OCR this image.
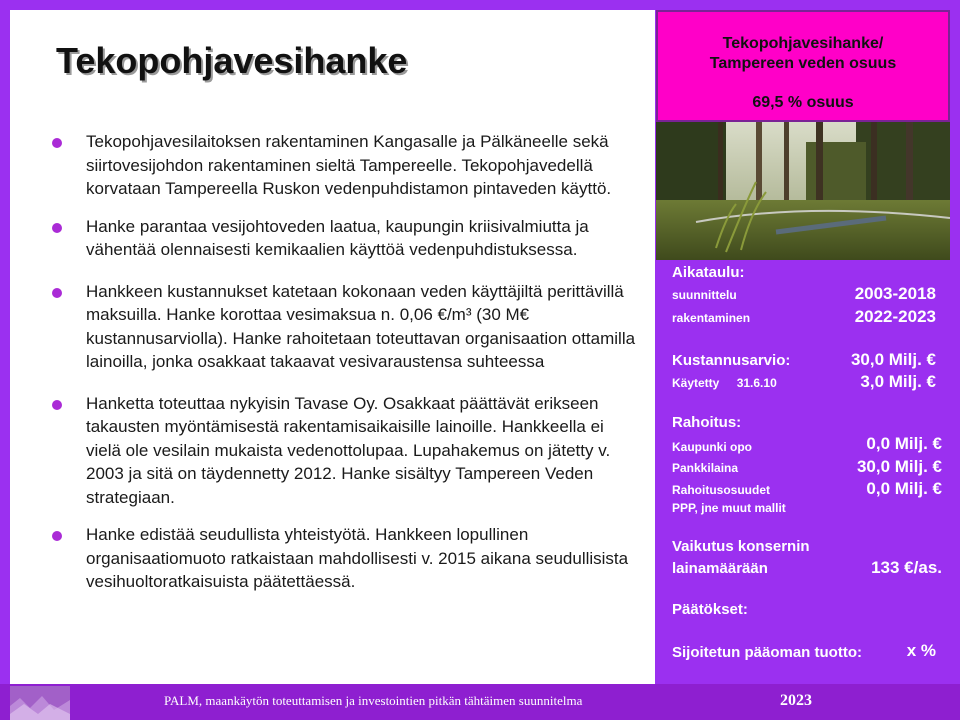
Tekopohjavesihanke
Tekopohjavesilaitoksen rakentaminen Kangasalle ja Pälkäneelle sekä siirtovesijohdon rakentaminen sieltä Tampereelle. Tekopohjavedellä korvataan Tampereella Ruskon vedenpuhdistamon pintaveden käyttö.
Hanke parantaa vesijohtoveden laatua, kaupungin kriisivalmiutta ja vähentää olennaisesti kemikaalien käyttöä vedenpuhdistuksessa.
Hankkeen kustannukset katetaan kokonaan veden käyttäjiltä perittävillä maksuilla. Hanke korottaa vesimaksua n. 0,06 €/m³ (30 M€ kustannusarviolla). Hanke rahoitetaan toteuttavan organisaation ottamilla lainoilla, jonka osakkaat takaavat vesivaraustensa suhteessa
Hanketta toteuttaa nykyisin Tavase Oy. Osakkaat päättävät erikseen takausten myöntämisestä rakentamisaikaisille lainoille. Hankkeella ei vielä ole vesilain mukaista vedenottolupaa. Lupahakemus on jätetty v. 2003 ja sitä on täydennetty 2012. Hanke sisältyy Tampereen Veden strategiaan.
Hanke edistää seudullista yhteistyötä. Hankkeen lopullinen organisaatiomuoto ratkaistaan mahdollisesti v. 2015 aikana seudullisista vesihuoltoratkaisuista päätettäessä.
Tekopohjavesihanke/
Tampereen veden osuus
69,5 % osuus
Aikataulu:
suunnittelu	2003-2018
rakentaminen	2022-2023
Kustannusarvio:	30,0 Milj. €
Käytetty 31.6.10	3,0 Milj. €
Rahoitus:
Kaupunki opo	0,0 Milj. €
Pankkilaina	30,0 Milj. €
Rahoitusosuudet	0,0 Milj. €
PPP, jne muut mallit
Vaikutus konsernin
lainamäärään	133 €/as.
Päätökset:
Sijoitetun pääoman tuotto:	x %
PALM, maankäytön toteuttamisen ja investointien pitkän tähtäimen suunnitelma	2023
